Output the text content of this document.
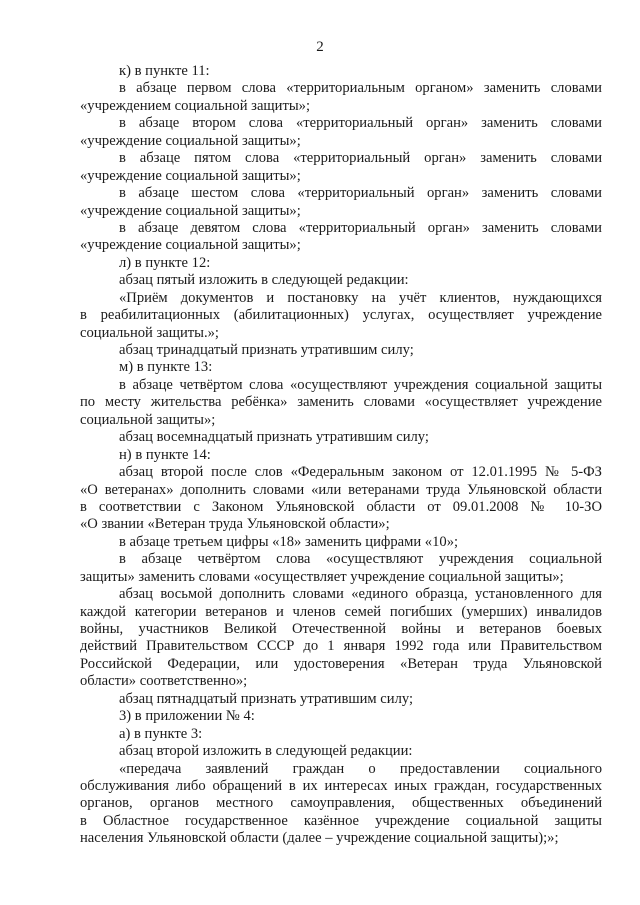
2
к) в пункте 11:
в абзаце первом слова «территориальным органом» заменить словами
«учреждением социальной защиты»;
в абзаце втором слова «территориальный орган» заменить словами
«учреждение социальной защиты»;
в абзаце пятом слова «территориальный орган» заменить словами
«учреждение социальной защиты»;
в абзаце шестом слова «территориальный орган» заменить словами
«учреждение социальной защиты»;
в абзаце девятом слова «территориальный орган» заменить словами
«учреждение социальной защиты»;
л) в пункте 12:
абзац пятый изложить в следующей редакции:
«Приём документов и постановку на учёт клиентов, нуждающихся
в реабилитационных (абилитационных) услугах, осуществляет учреждение
социальной защиты.»;
абзац тринадцатый признать утратившим силу;
м) в пункте 13:
в абзаце четвёртом слова «осуществляют учреждения социальной защиты
по месту жительства ребёнка» заменить словами «осуществляет учреждение
социальной защиты»;
абзац восемнадцатый признать утратившим силу;
н) в пункте 14:
абзац второй после слов «Федеральным законом от 12.01.1995 № 5-ФЗ
«О ветеранах» дополнить словами «или ветеранами труда Ульяновской области
в соответствии с Законом Ульяновской области от 09.01.2008 № 10-ЗО
«О звании «Ветеран труда Ульяновской области»;
в абзаце третьем цифры «18» заменить цифрами «10»;
в абзаце четвёртом слова «осуществляют учреждения социальной
защиты» заменить словами «осуществляет учреждение социальной защиты»;
абзац восьмой дополнить словами «единого образца, установленного для
каждой категории ветеранов и членов семей погибших (умерших) инвалидов
войны, участников Великой Отечественной войны и ветеранов боевых
действий Правительством СССР до 1 января 1992 года или Правительством
Российской Федерации, или удостоверения «Ветеран труда Ульяновской
области» соответственно»;
абзац пятнадцатый признать утратившим силу;
3) в приложении № 4:
а) в пункте 3:
абзац второй изложить в следующей редакции:
«передача заявлений граждан о предоставлении социального
обслуживания либо обращений в их интересах иных граждан, государственных
органов, органов местного самоуправления, общественных объединений
в Областное государственное казённое учреждение социальной защиты
населения Ульяновской области (далее – учреждение социальной защиты);»;
